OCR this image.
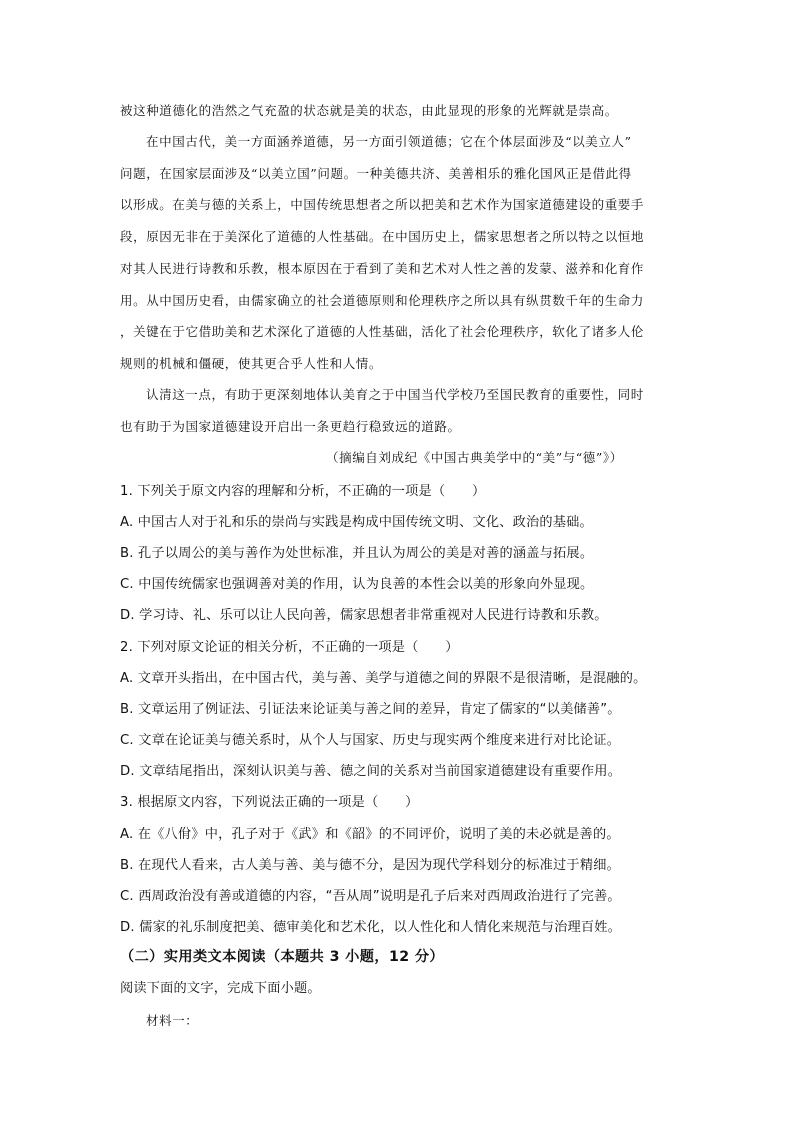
被这种道德化的浩然之气充盈的状态就是美的状态，由此显现的形象的光辉就是崇高。
在中国古代，美一方面涵养道德，另一方面引领道德；它在个体层面涉及“以美立人”
问题，在国家层面涉及“以美立国”问题。一种美德共济、美善相乐的雅化国风正是借此得
以形成。在美与德的关系上，中国传统思想者之所以把美和艺术作为国家道德建设的重要手
段，原因无非在于美深化了道德的人性基础。在中国历史上，儒家思想者之所以特之以恒地
对其人民进行诗教和乐教，根本原因在于看到了美和艺术对人性之善的发蒙、滋养和化育作
用。从中国历史看，由儒家确立的社会道德原则和伦理秩序之所以具有纵贯数千年的生命力
，关键在于它借助美和艺术深化了道德的人性基础，活化了社会伦理秩序，软化了诸多人伦
规则的机械和僵硬，使其更合乎人性和人情。
认清这一点，有助于更深刻地体认美育之于中国当代学校乃至国民教育的重要性，同时
也有助于为国家道德建设开启出一条更趋行稳致远的道路。
（摘编自刘成纪《中国古典美学中的“美”与“德”》）
1. 下列关于原文内容的理解和分析，不正确的一项是（　　）
A. 中国古人对于礼和乐的崇尚与实践是构成中国传统文明、文化、政治的基础。
B. 孔子以周公的美与善作为处世标准，并且认为周公的美是对善的涵盖与拓展。
C. 中国传统儒家也强调善对美的作用，认为良善的本性会以美的形象向外显现。
D. 学习诗、礼、乐可以让人民向善，儒家思想者非常重视对人民进行诗教和乐教。
2. 下列对原文论证的相关分析，不正确的一项是（　　）
A. 文章开头指出，在中国古代，美与善、美学与道德之间的界限不是很清晰，是混融的。
B. 文章运用了例证法、引证法来论证美与善之间的差异，肯定了儒家的“以美储善”。
C. 文章在论证美与德关系时，从个人与国家、历史与现实两个维度来进行对比论证。
D. 文章结尾指出，深刻认识美与善、德之间的关系对当前国家道德建设有重要作用。
3. 根据原文内容，下列说法正确的一项是（　　）
A. 在《八佾》中，孔子对于《武》和《韶》的不同评价，说明了美的未必就是善的。
B. 在现代人看来，古人美与善、美与德不分，是因为现代学科划分的标准过于精细。
C. 西周政治没有善或道德的内容，“吾从周”说明是孔子后来对西周政治进行了完善。
D. 儒家的礼乐制度把美、德审美化和艺术化，以人性化和人情化来规范与治理百姓。
（二）实用类文本阅读（本题共 3 小题，12 分）
阅读下面的文字，完成下面小题。
材料一：
